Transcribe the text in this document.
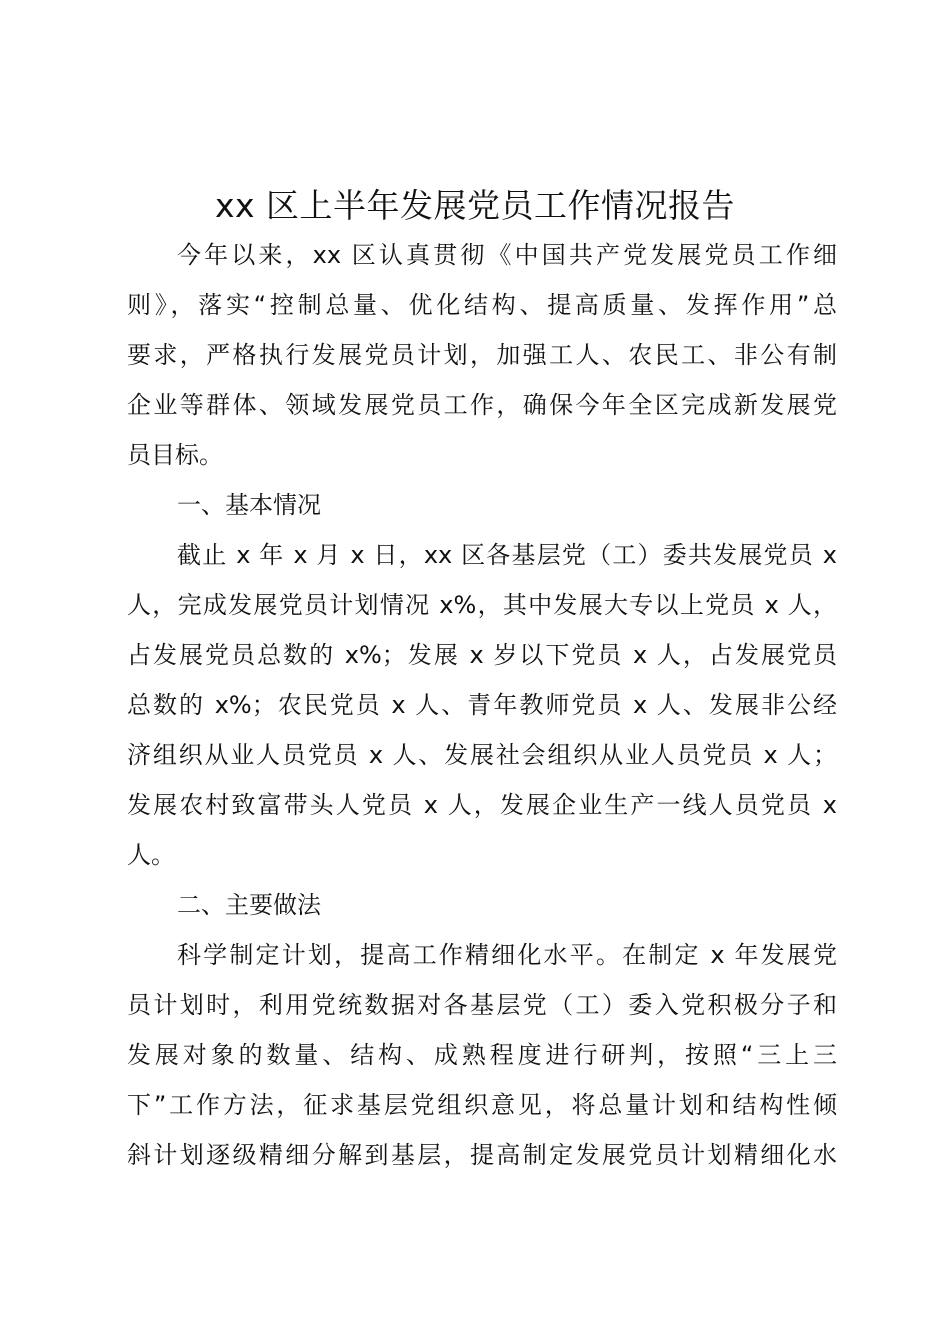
xx 区上半年发展党员工作情况报告
今年以来，xx 区认真贯彻《中国共产党发展党员工作细
则》，落实“控制总量、优化结构、提高质量、发挥作用”总
要求，严格执行发展党员计划，加强工人、农民工、非公有制
企业等群体、领域发展党员工作，确保今年全区完成新发展党
员目标。
一、基本情况
截止 x 年 x 月 x 日，xx 区各基层党（工）委共发展党员 x
人，完成发展党员计划情况 x%，其中发展大专以上党员 x 人，
占发展党员总数的 x%；发展 x 岁以下党员 x 人，占发展党员
总数的 x%；农民党员 x 人、青年教师党员 x 人、发展非公经
济组织从业人员党员 x 人、发展社会组织从业人员党员 x 人；
发展农村致富带头人党员 x 人，发展企业生产一线人员党员 x
人。
二、主要做法
科学制定计划，提高工作精细化水平。在制定 x 年发展党
员计划时，利用党统数据对各基层党（工）委入党积极分子和
发展对象的数量、结构、成熟程度进行研判，按照“三上三
下”工作方法，征求基层党组织意见，将总量计划和结构性倾
斜计划逐级精细分解到基层，提高制定发展党员计划精细化水
